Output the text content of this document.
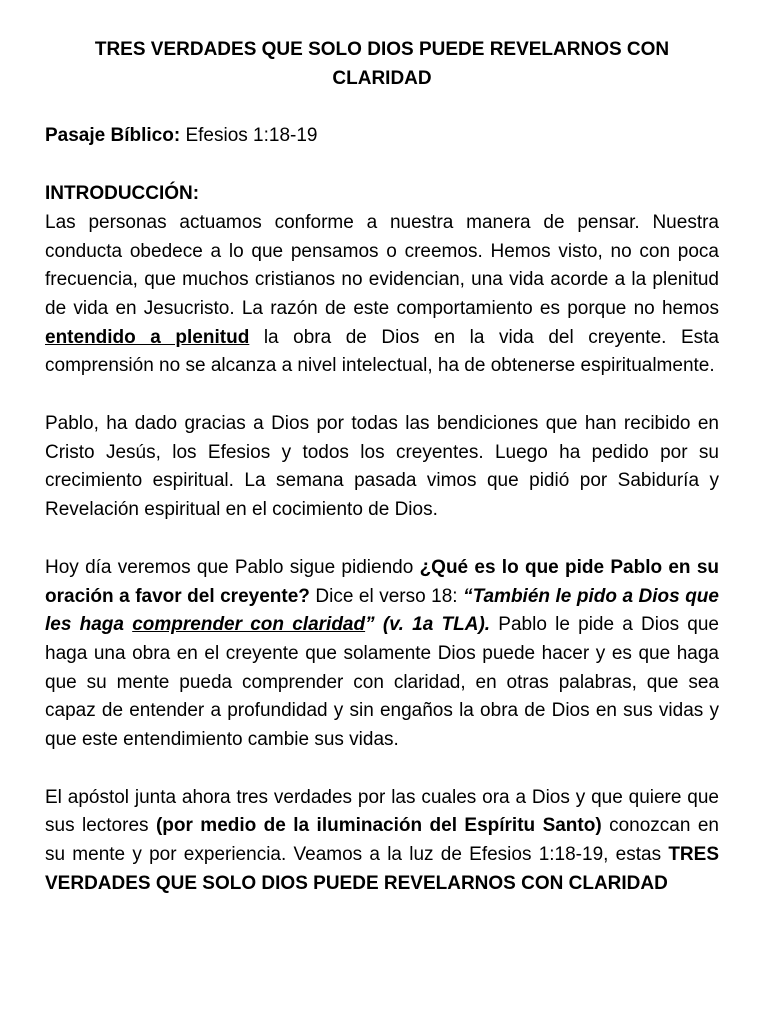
TRES VERDADES QUE SOLO DIOS PUEDE REVELARNOS CON CLARIDAD
Pasaje Bíblico: Efesios 1:18-19
INTRODUCCIÓN:

Las personas actuamos conforme a nuestra manera de pensar. Nuestra conducta obedece a lo que pensamos o creemos. Hemos visto, no con poca frecuencia, que muchos cristianos no evidencian, una vida acorde a la plenitud de vida en Jesucristo. La razón de este comportamiento es porque no hemos entendido a plenitud la obra de Dios en la vida del creyente. Esta comprensión no se alcanza a nivel intelectual, ha de obtenerse espiritualmente.

Pablo, ha dado gracias a Dios por todas las bendiciones que han recibido en Cristo Jesús, los Efesios y todos los creyentes. Luego ha pedido por su crecimiento espiritual. La semana pasada vimos que pidió por Sabiduría y Revelación espiritual en el cocimiento de Dios.

Hoy día veremos que Pablo sigue pidiendo ¿Qué es lo que pide Pablo en su oración a favor del creyente? Dice el verso 18: “También le pido a Dios que les haga comprender con claridad” (v. 1a TLA). Pablo le pide a Dios que haga una obra en el creyente que solamente Dios puede hacer y es que haga que su mente pueda comprender con claridad, en otras palabras, que sea capaz de entender a profundidad y sin engaños la obra de Dios en sus vidas y que este entendimiento cambie sus vidas.

El apóstol junta ahora tres verdades por las cuales ora a Dios y que quiere que sus lectores (por medio de la iluminación del Espíritu Santo) conozcan en su mente y por experiencia. Veamos a la luz de Efesios 1:18-19, estas TRES VERDADES QUE SOLO DIOS PUEDE REVELARNOS CON CLARIDAD
